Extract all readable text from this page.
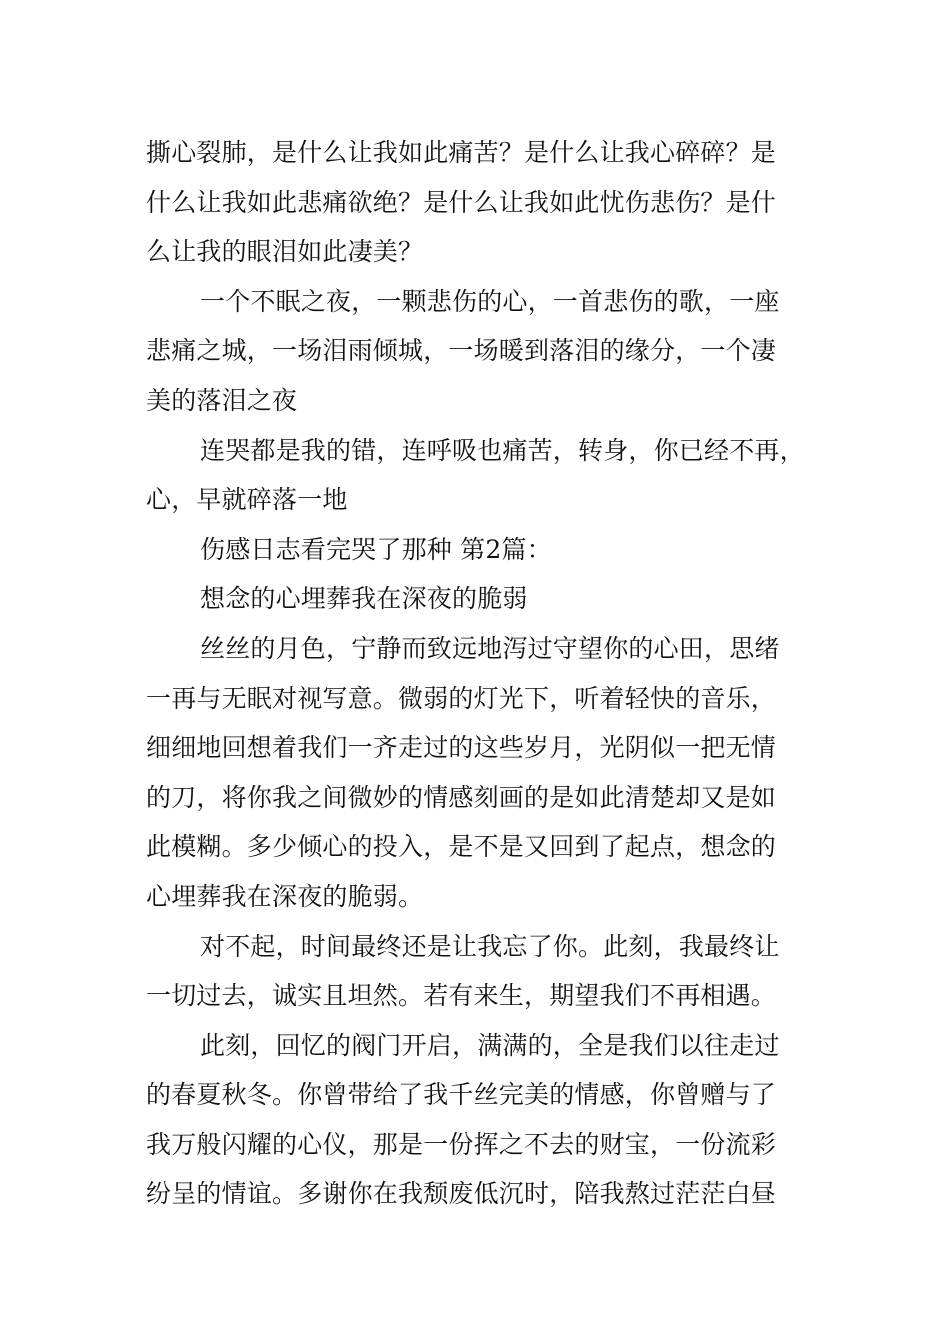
撕心裂肺，是什么让我如此痛苦？是什么让我心碎碎？是
什么让我如此悲痛欲绝？是什么让我如此忧伤悲伤？是什
么让我的眼泪如此凄美？

一个不眠之夜，一颗悲伤的心，一首悲伤的歌，一座
悲痛之城，一场泪雨倾城，一场暖到落泪的缘分，一个凄
美的落泪之夜

连哭都是我的错，连呼吸也痛苦，转身，你已经不再，
心，早就碎落一地

伤感日志看完哭了那种 第2篇：

想念的心埋葬我在深夜的脆弱

丝丝的月色，宁静而致远地泻过守望你的心田，思绪
一再与无眠对视写意。微弱的灯光下，听着轻快的音乐，
细细地回想着我们一齐走过的这些岁月，光阴似一把无情
的刀，将你我之间微妙的情感刻画的是如此清楚却又是如
此模糊。多少倾心的投入，是不是又回到了起点，想念的
心埋葬我在深夜的脆弱。

对不起，时间最终还是让我忘了你。此刻，我最终让
一切过去，诚实且坦然。若有来生，期望我们不再相遇。

此刻，回忆的阀门开启，满满的，全是我们以往走过
的春夏秋冬。你曾带给了我千丝完美的情感，你曾赠与了
我万般闪耀的心仪，那是一份挥之不去的财宝，一份流彩
纷呈的情谊。多谢你在我颓废低沉时，陪我熬过茫茫白昼
